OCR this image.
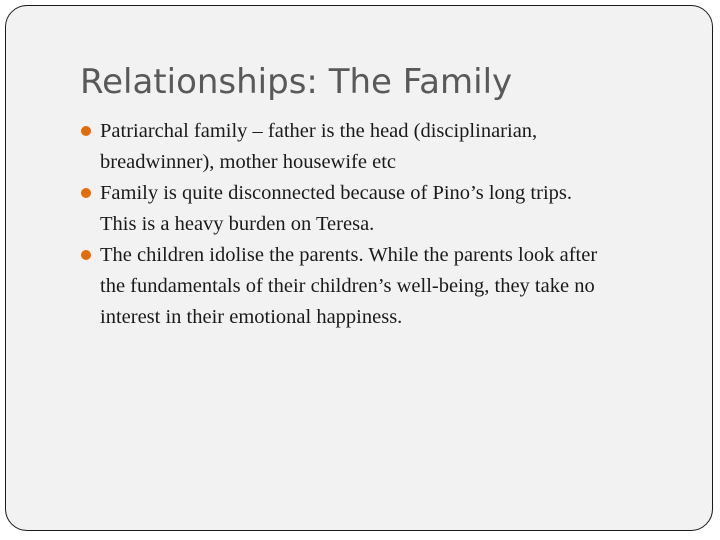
Relationships: The Family
Patriarchal family – father is the head (disciplinarian,
breadwinner), mother housewife etc
Family is quite disconnected because of Pino’s long trips.
This is a heavy burden on Teresa.
The children idolise the parents. While the parents look after
the fundamentals of their children’s well-being, they take no
interest in their emotional happiness.
